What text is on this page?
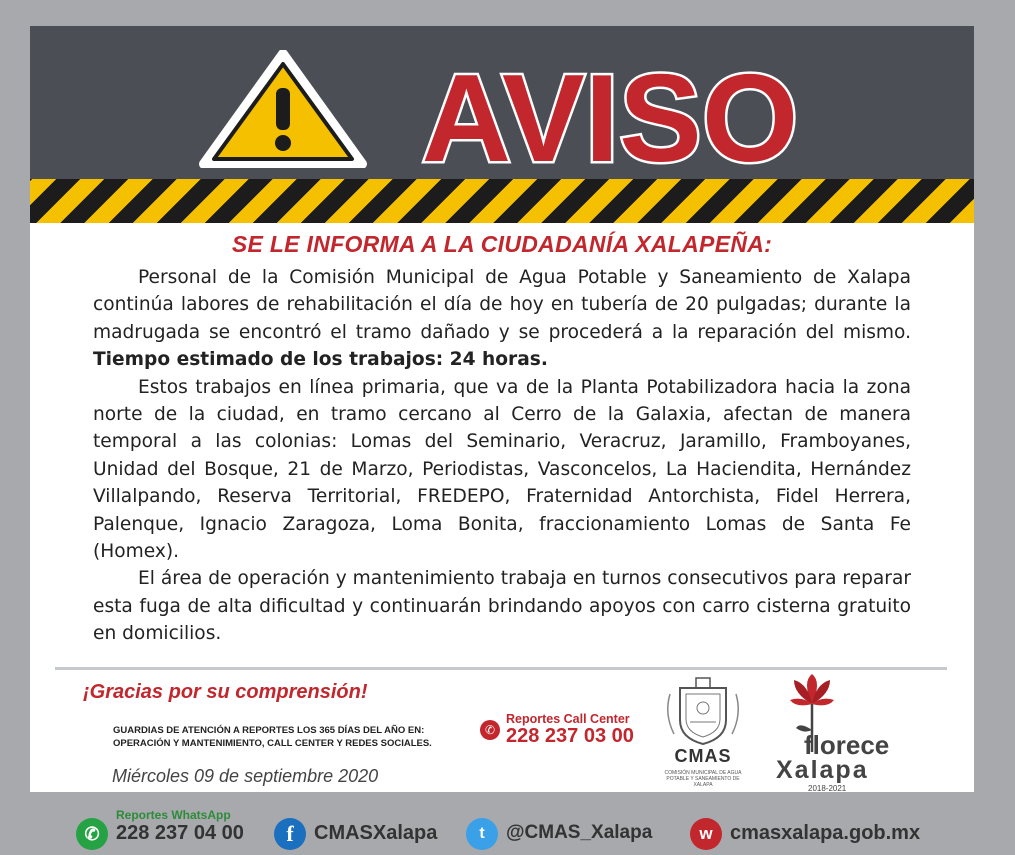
AVISO
SE LE INFORMA A LA CIUDADANÍA XALAPEÑA:

Personal de la Comisión Municipal de Agua Potable y Saneamiento de Xalapa continúa labores de rehabilitación el día de hoy en tubería de 20 pulgadas; durante la madrugada se encontró el tramo dañado y se procederá a la reparación del mismo. Tiempo estimado de los trabajos: 24 horas.

Estos trabajos en línea primaria, que va de la Planta Potabilizadora hacia la zona norte de la ciudad, en tramo cercano al Cerro de la Galaxia, afectan de manera temporal a las colonias: Lomas del Seminario, Veracruz, Jaramillo, Framboyanes, Unidad del Bosque, 21 de Marzo, Periodistas, Vasconcelos, La Haciendita, Hernández Villalpando, Reserva Territorial, FREDEPO, Fraternidad Antorchista, Fidel Herrera, Palenque, Ignacio Zaragoza, Loma Bonita, fraccionamiento Lomas de Santa Fe (Homex).

El área de operación y mantenimiento trabaja en turnos consecutivos para reparar esta fuga de alta dificultad y continuarán brindando apoyos con carro cisterna gratuito en domicilios.

¡Gracias por su comprensión!
GUARDIAS DE ATENCIÓN A REPORTES LOS 365 DÍAS DEL AÑO EN:
OPERACIÓN Y MANTENIMIENTO, CALL CENTER Y REDES SOCIALES.
Miércoles 09 de septiembre 2020
✆
Reportes Call Center
228 237 03 00
CMAS
COMISIÓN MUNICIPAL DE AGUA POTABLE Y SANEAMIENTO DE XALAPA
florece
Xalapa
2018-2021
✆
Reportes WhatsApp
228 237 04 00	f	CMASXalapa	t	@CMAS_Xalapa	w cmasxalapa.gob.mx
